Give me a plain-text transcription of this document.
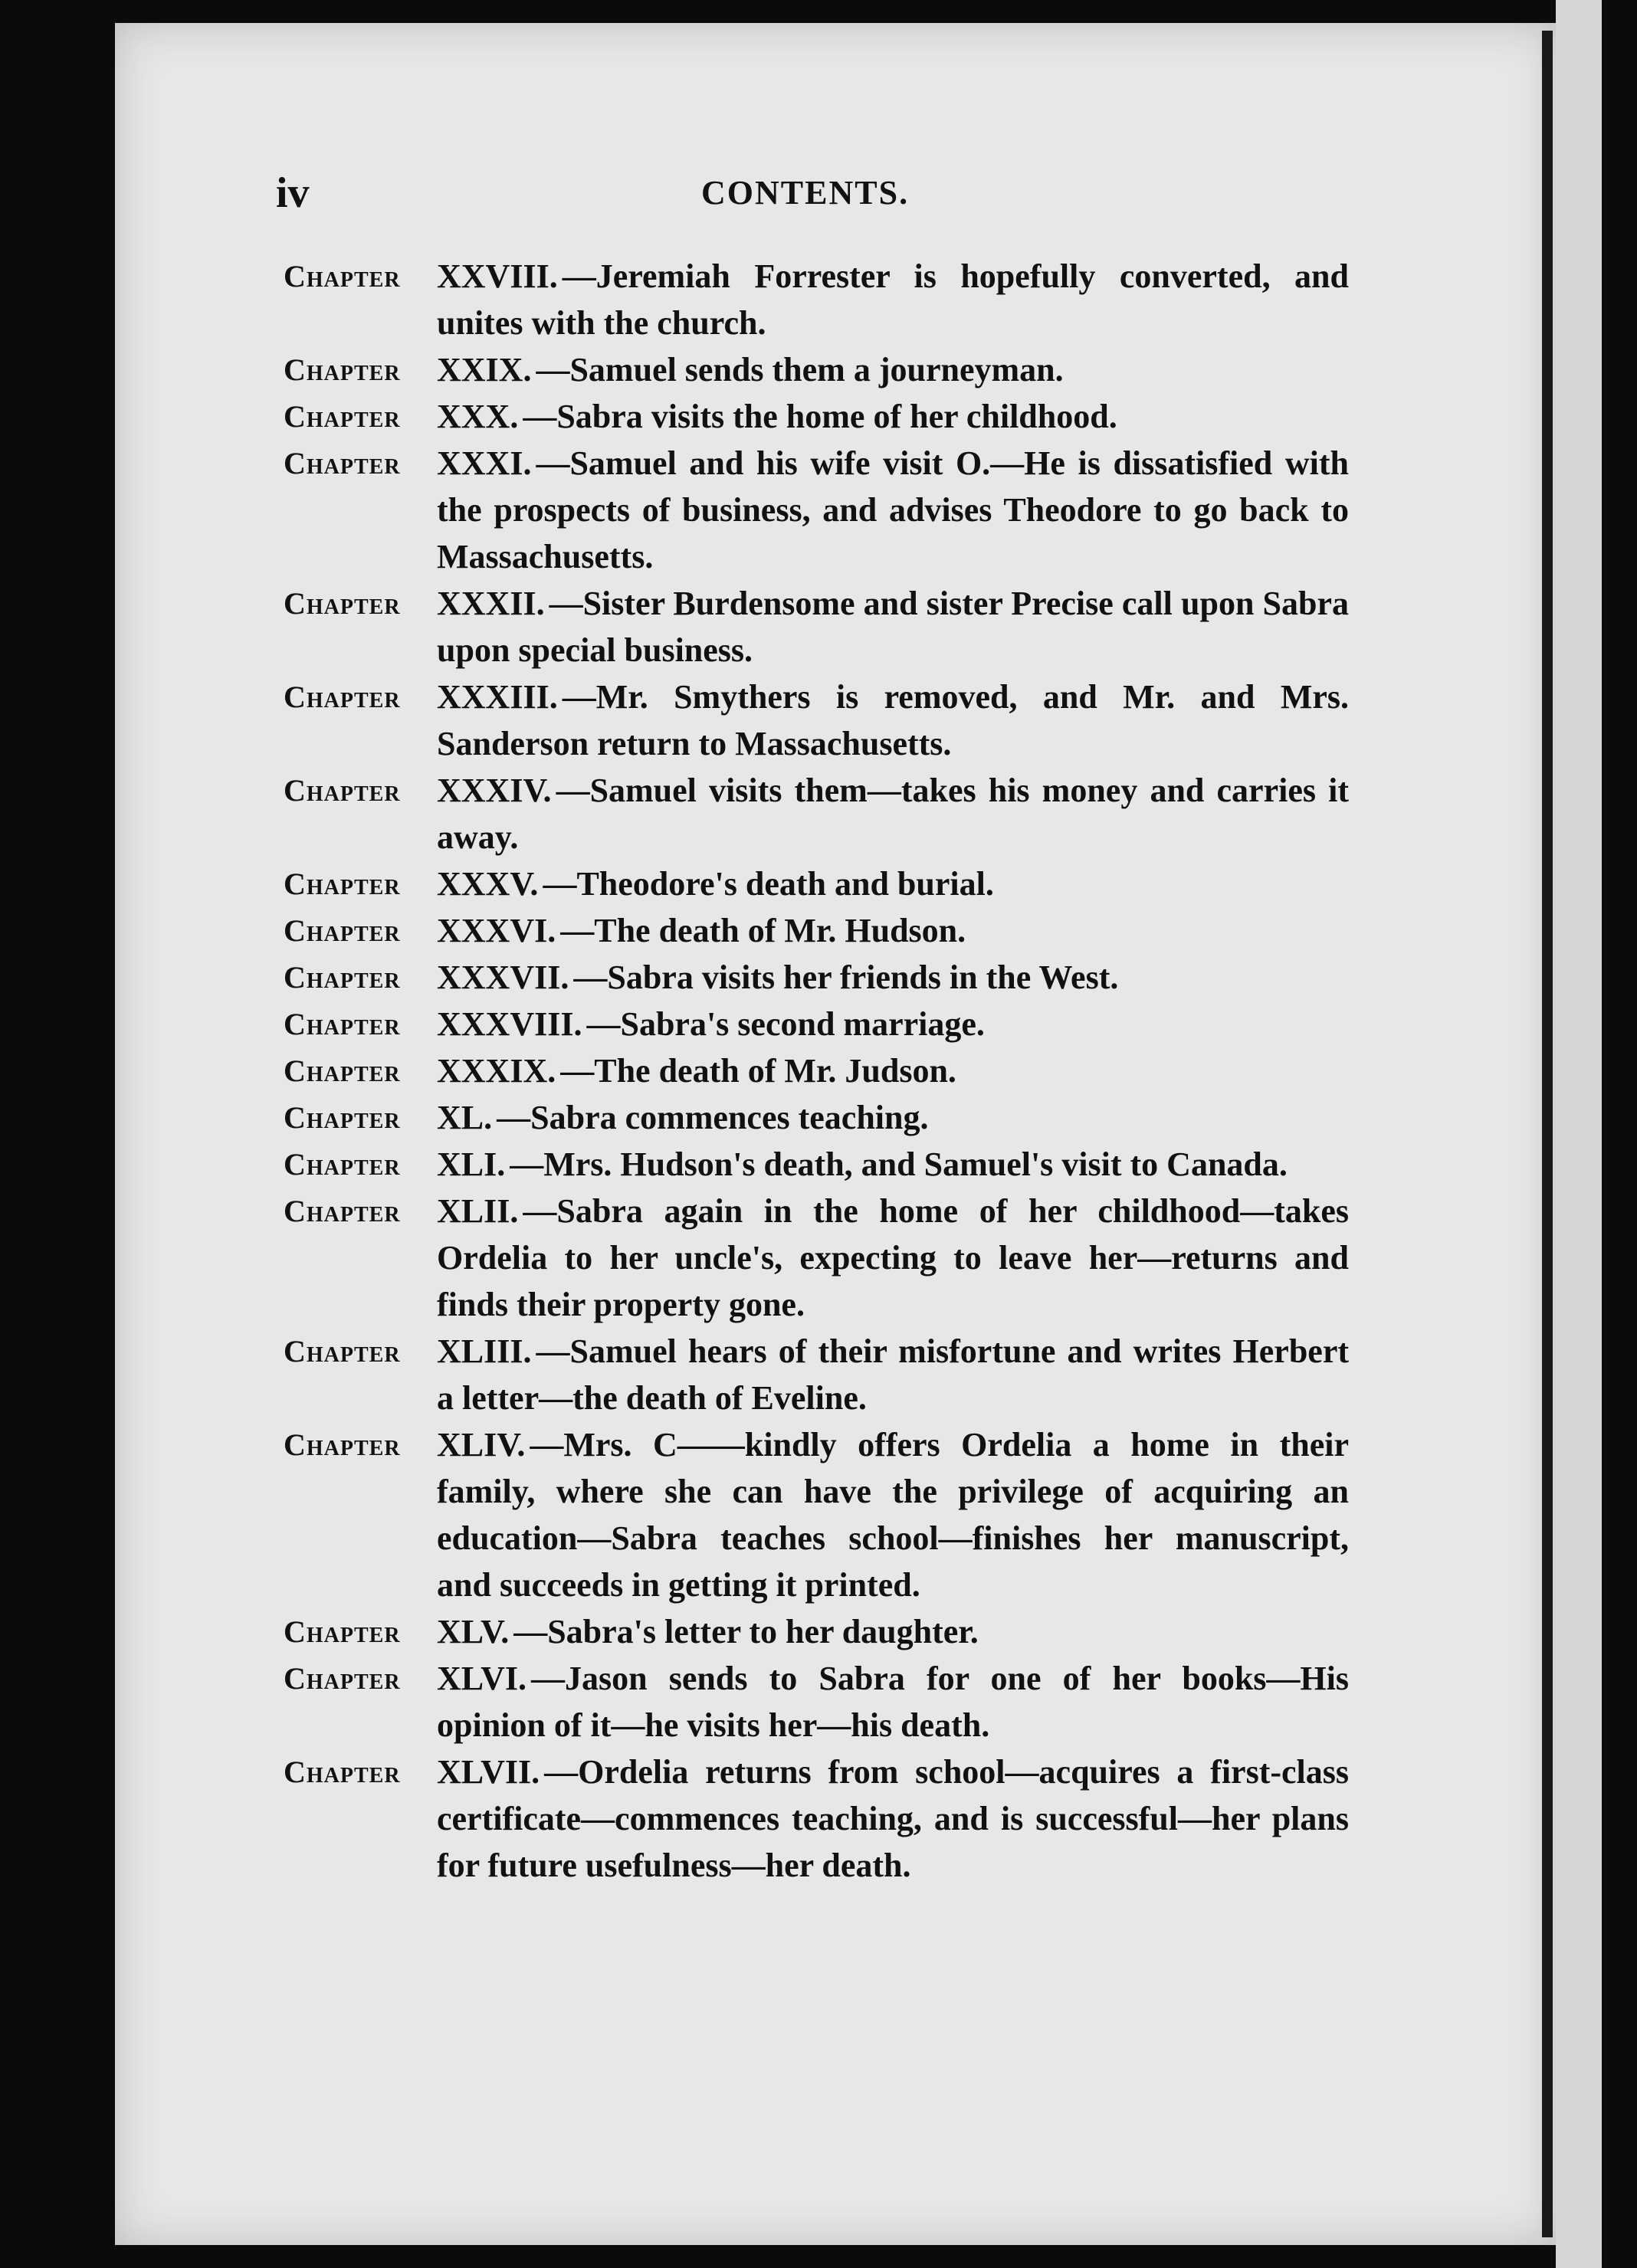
iv	CONTENTS.
Chapter	XXVIII. —Jeremiah Forrester is hopefully converted, and unites with the church.
Chapter	XXIX. —Samuel sends them a journeyman.
Chapter	XXX. —Sabra visits the home of her childhood.
Chapter	XXXI. —Samuel and his wife visit O.—He is dissatisfied with the prospects of business, and advises Theodore to go back to Massachusetts.
Chapter	XXXII. —Sister Burdensome and sister Precise call upon Sabra upon special business.
Chapter	XXXIII. —Mr. Smythers is removed, and Mr. and Mrs. Sanderson return to Massachusetts.
Chapter	XXXIV. —Samuel visits them—takes his money and carries it away.
Chapter	XXXV. —Theodore's death and burial.
Chapter	XXXVI. —The death of Mr. Hudson.
Chapter	XXXVII. —Sabra visits her friends in the West.
Chapter	XXXVIII. —Sabra's second marriage.
Chapter	XXXIX. —The death of Mr. Judson.
Chapter	XL. —Sabra commences teaching.
Chapter	XLI. —Mrs. Hudson's death, and Samuel's visit to Canada.
Chapter	XLII. —Sabra again in the home of her childhood—takes Ordelia to her uncle's, expecting to leave her—returns and finds their property gone.
Chapter	XLIII. —Samuel hears of their misfortune and writes Herbert a letter—the death of Eveline.
Chapter	XLIV. —Mrs. C——kindly offers Ordelia a home in their family, where she can have the privilege of acquiring an education—Sabra teaches school—finishes her manuscript, and succeeds in getting it printed.
Chapter	XLV. —Sabra's letter to her daughter.
Chapter	XLVI. —Jason sends to Sabra for one of her books—His opinion of it—he visits her—his death.
Chapter	XLVII. —Ordelia returns from school—acquires a first-class certificate—commences teaching, and is successful—her plans for future usefulness—her death.
